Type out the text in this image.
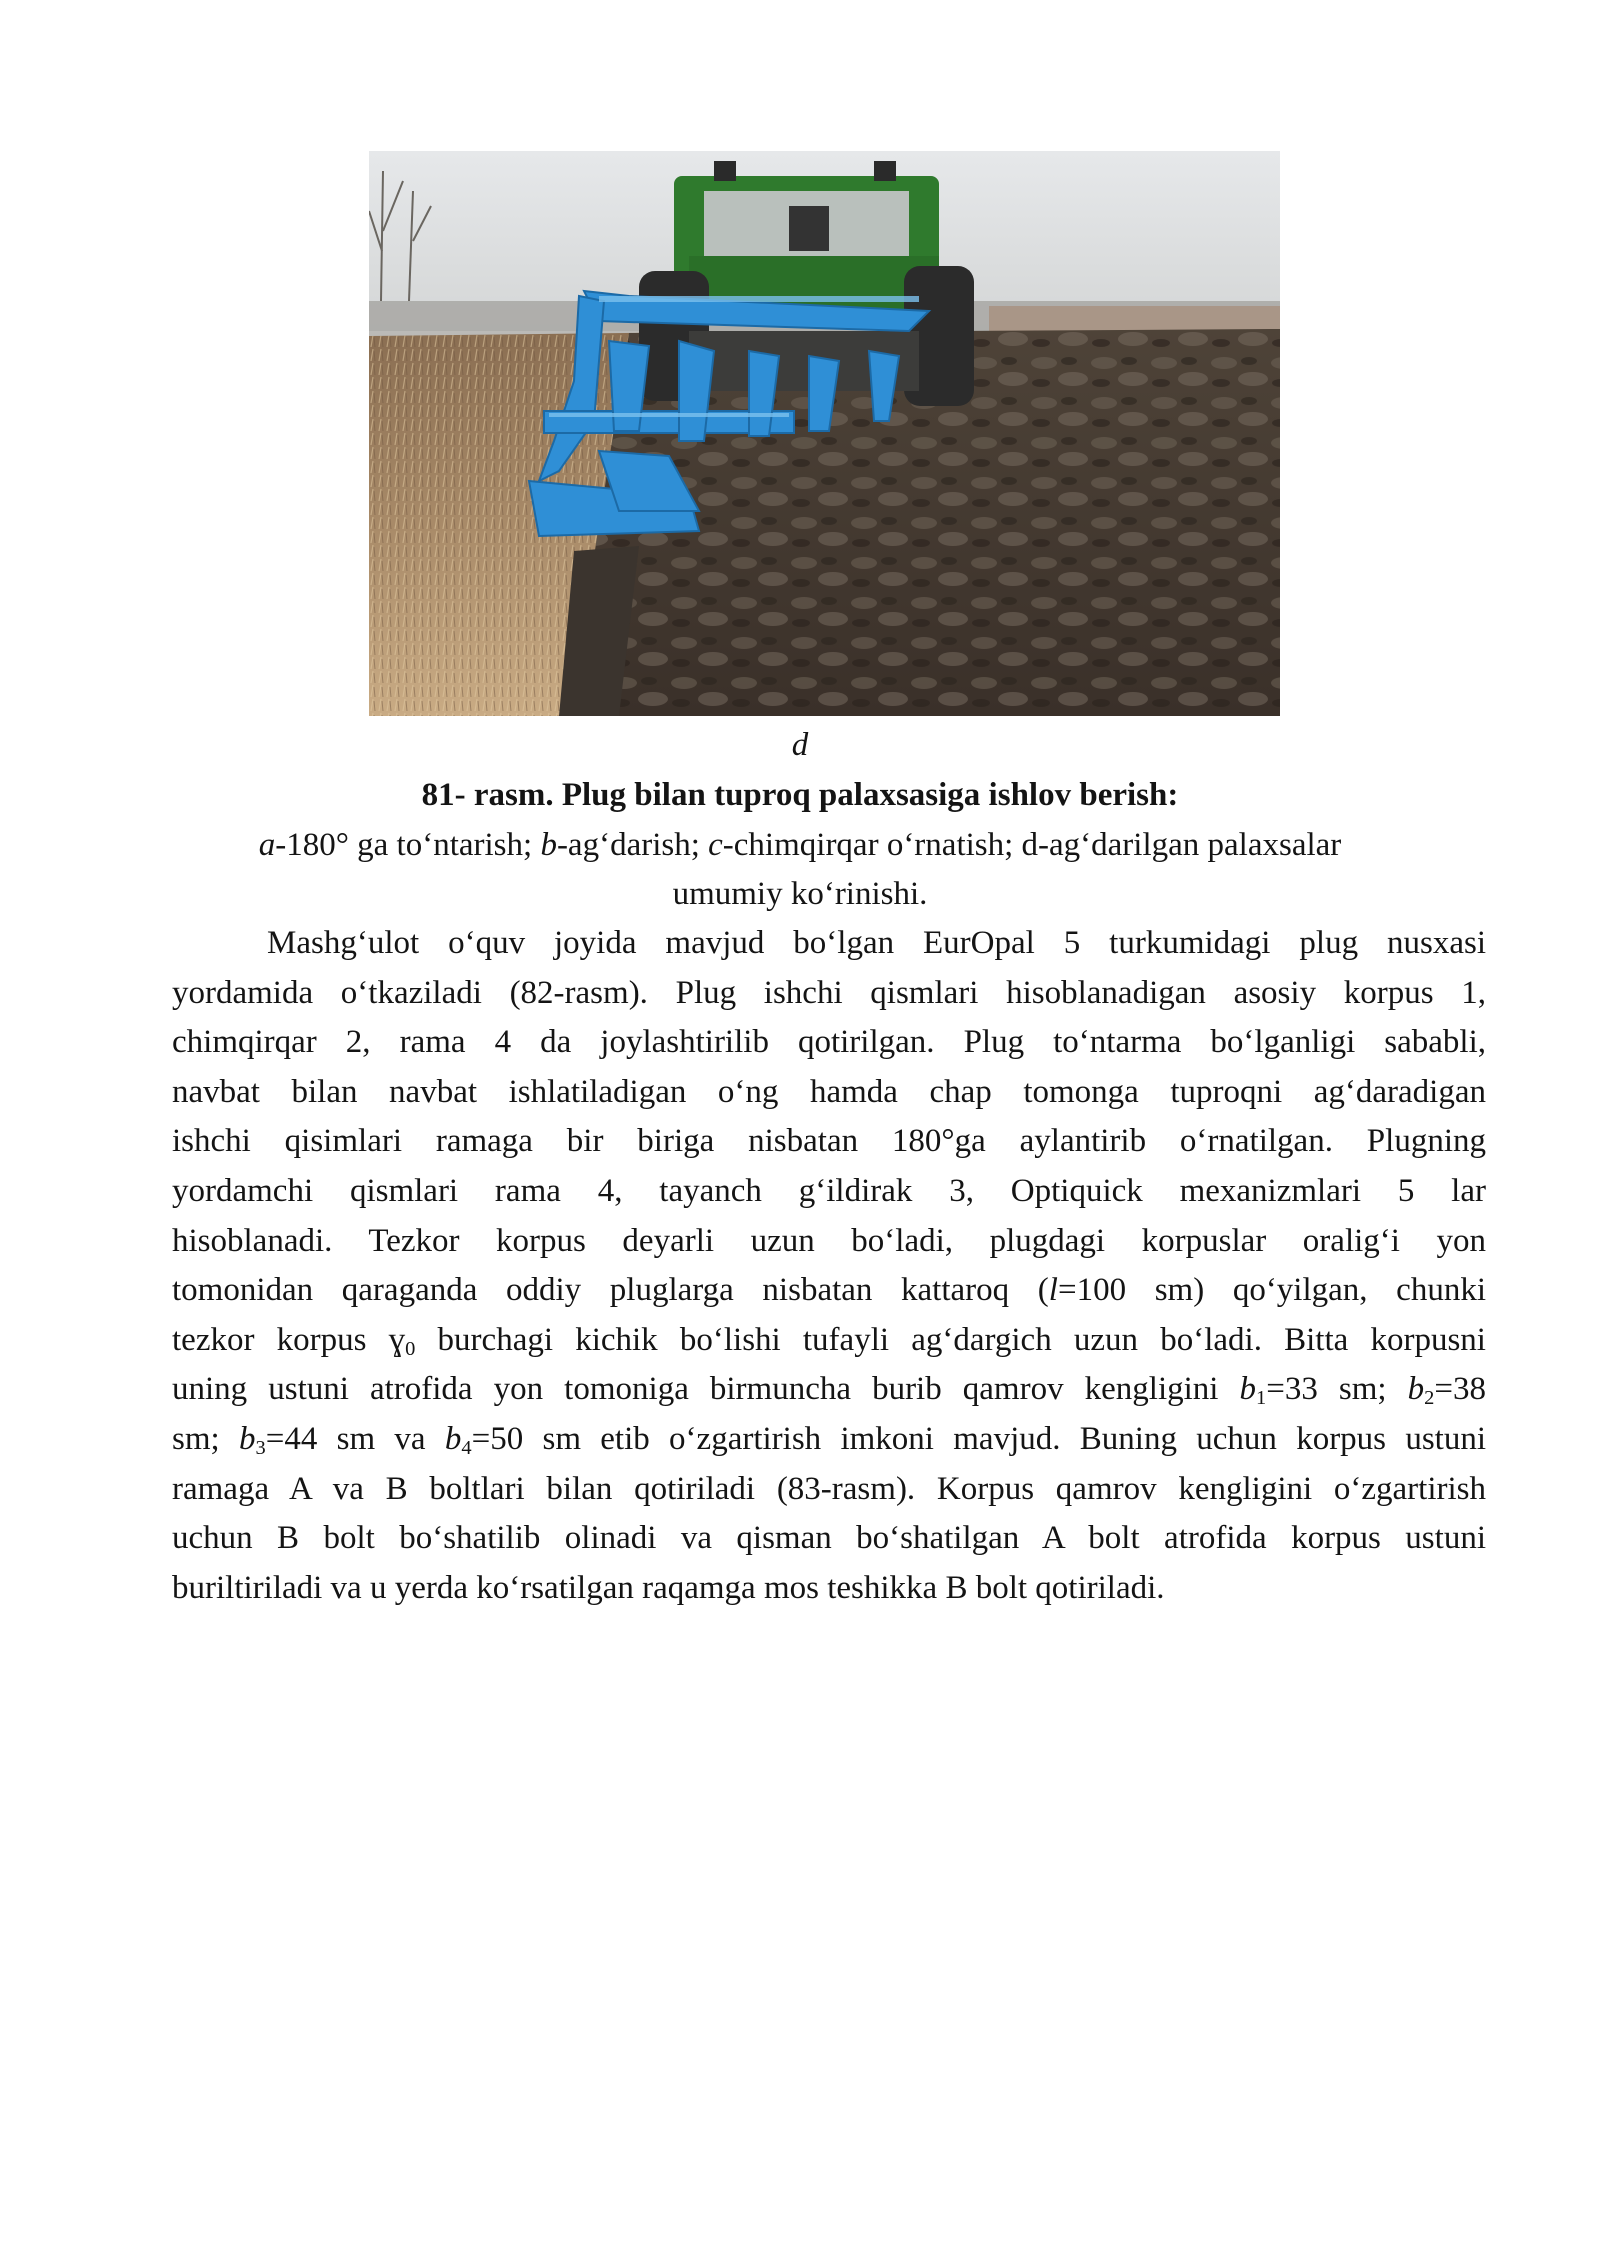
d
81- rasm. Plug bilan tuproq palaxsasiga ishlov berish:
a-180° ga to‘ntarish; b-ag‘darish; c-chimqirqar o‘rnatish; d-ag‘darilgan palaxsalar
umumiy ko‘rinishi.
Mashg‘ulot o‘quv joyida mavjud bo‘lgan EurOpal 5 turkumidagi plug nusxasi
yordamida o‘tkaziladi (82-rasm). Plug ishchi qismlari hisoblanadigan asosiy korpus 1,
chimqirqar 2, rama 4 da joylashtirilib qotirilgan. Plug to‘ntarma bo‘lganligi sababli,
navbat bilan navbat ishlatiladigan o‘ng hamda chap tomonga tuproqni ag‘daradigan
ishchi qisimlari ramaga bir biriga nisbatan 180°ga aylantirib o‘rnatilgan. Plugning
yordamchi qismlari rama 4, tayanch g‘ildirak 3, Optiquick mexanizmlari 5 lar
hisoblanadi. Tezkor korpus deyarli uzun bo‘ladi, plugdagi korpuslar oralig‘i yon
tomonidan qaraganda oddiy pluglarga nisbatan kattaroq (l=100 sm) qo‘yilgan, chunki
tezkor korpus ɣ$_0$ burchagi kichik bo‘lishi tufayli ag‘dargich uzun bo‘ladi. Bitta korpusni
uning ustuni atrofida yon tomoniga birmuncha burib qamrov kengligini $b_1=33$ sm; $b_2=38$
sm; $b_3=44$ sm va $b_4=50$ sm etib o‘zgartirish imkoni mavjud. Buning uchun korpus ustuni
ramaga A va B boltlari bilan qotiriladi (83-rasm). Korpus qamrov kengligini o‘zgartirish
uchun B bolt bo‘shatilib olinadi va qisman bo‘shatilgan A bolt atrofida korpus ustuni
buriltiriladi va u yerda ko‘rsatilgan raqamga mos teshikka B bolt qotiriladi.
